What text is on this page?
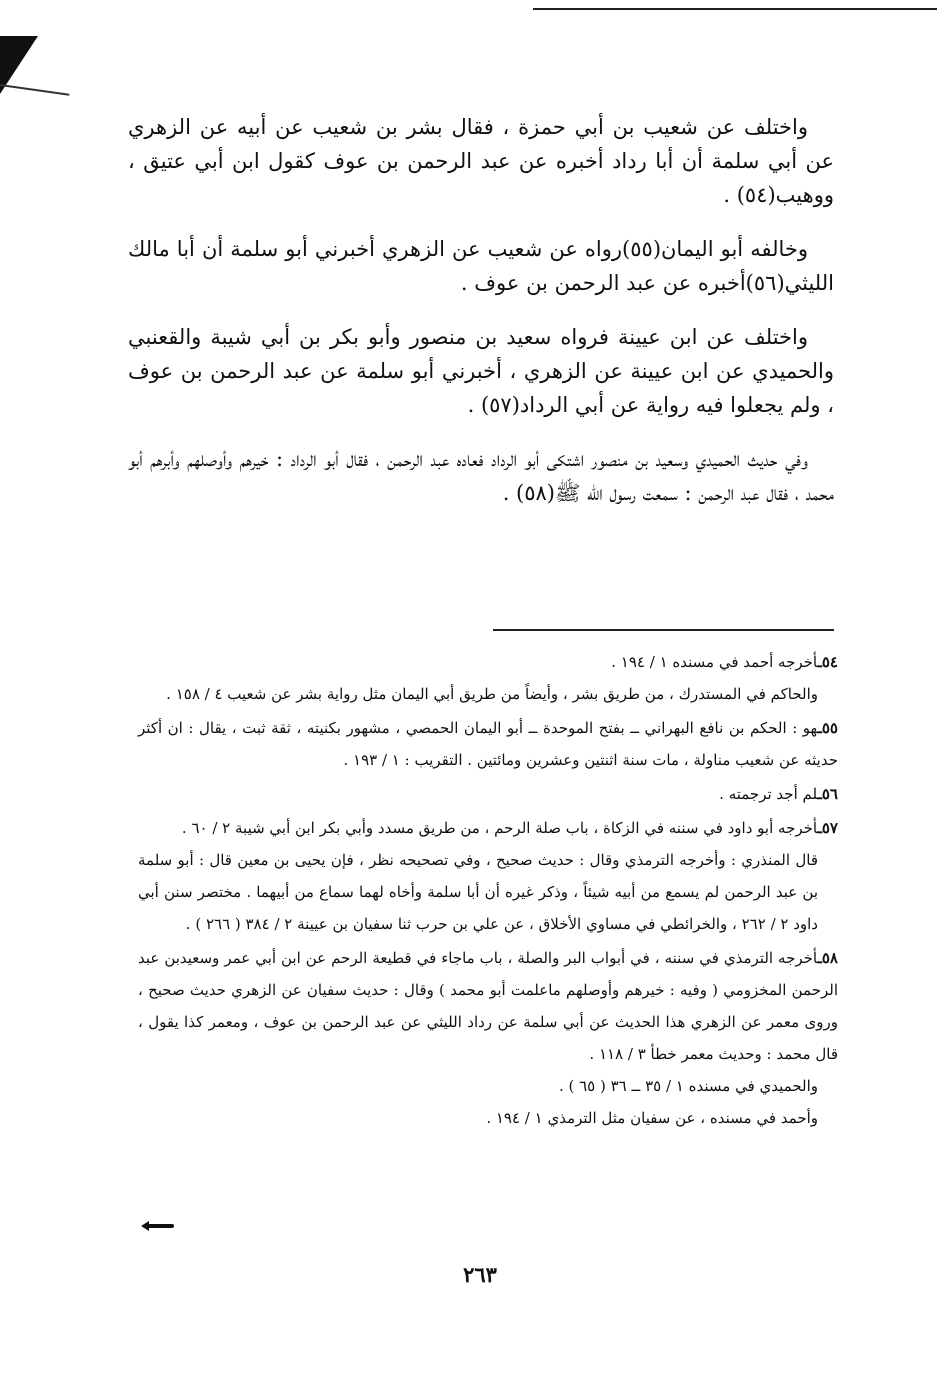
واختلف عن شعيب بن أبي حمزة ، فقال بشر بن شعيب عن أبيه عن الزهري عن أبي سلمة أن أبا رداد أخبره عن عبد الرحمن بن عوف كقول ابن أبي عتيق ، ووهيب(٥٤) .

وخالفه أبو اليمان(٥٥)رواه عن شعيب عن الزهري أخبرني أبو سلمة أن أبا مالك الليثي(٥٦)أخبره عن عبد الرحمن بن عوف .

واختلف عن ابن عيينة فرواه سعيد بن منصور وأبو بكر بن أبي شيبة والقعنبي والحميدي عن ابن عيينة عن الزهري ، أخبرني أبو سلمة عن عبد الرحمن بن عوف ، ولم يجعلوا فيه رواية عن أبي الرداد(٥٧) .

وفي حديث الحميدي وسعيد بن منصور اشتكى أبو الرداد فعاده عبد الرحمن ، فقال أبو الرداد : خيرهم وأوصلهم وأبرهم أبو محمد ، فقال عبد الرحمن : سمعت رسول الله ﷺ(٥٨) .

٥٤ـأخرجه أحمد في مسنده ١ / ١٩٤ .

والحاكم في المستدرك ، من طريق بشر ، وأيضاً من طريق أبي اليمان مثل رواية بشر عن شعيب ٤ / ١٥٨ .

٥٥ـهو : الحكم بن نافع البهراني ــ بفتح الموحدة ــ أبو اليمان الحمصي ، مشهور بكنيته ، ثقة ثبت ، يقال : ان أكثر حديثه عن شعيب مناولة ، مات سنة اثنتين وعشرين ومائتين . التقريب : ١ / ١٩٣ .
٥٦ـلم أجد ترجمته .
٥٧ـأخرجه أبو داود في سننه في الزكاة ، باب صلة الرحم ، من طريق مسدد وأبي بكر ابن أبي شيبة ٢ / ٦٠ .

قال المنذري : وأخرجه الترمذي وقال : حديث صحيح ، وفي تصحيحه نظر ، فإن يحيى بن معين قال : أبو سلمة بن عبد الرحمن لم يسمع من أبيه شيئاً ، وذكر غيره أن أبا سلمة وأخاه لهما سماع من أبيهما . مختصر سنن أبي داود ٢ / ٢٦٢ ، والخرائطي في مساوي الأخلاق ، عن علي بن حرب ثنا سفيان بن عيينة ٢ / ٣٨٤ ( ٢٦٦ ) .

٥٨ـأخرجه الترمذي في سننه ، في أبواب البر والصلة ، باب ماجاء في قطيعة الرحم عن ابن أبي عمر وسعيدبن عبد الرحمن المخزومي ( وفيه : خيرهم وأوصلهم ماعلمت أبو محمد ) وقال : حديث سفيان عن الزهري حديث صحيح ، وروى معمر عن الزهري هذا الحديث عن أبي سلمة عن رداد الليثي عن عبد الرحمن بن عوف ، ومعمر كذا يقول ، قال محمد : وحديث معمر خطأ ٣ / ١١٨ .

والحميدي في مسنده ١ / ٣٥ ــ ٣٦ ( ٦٥ ) .

وأحمد في مسنده ، عن سفيان مثل الترمذي ١ / ١٩٤ .

٢٦٣
